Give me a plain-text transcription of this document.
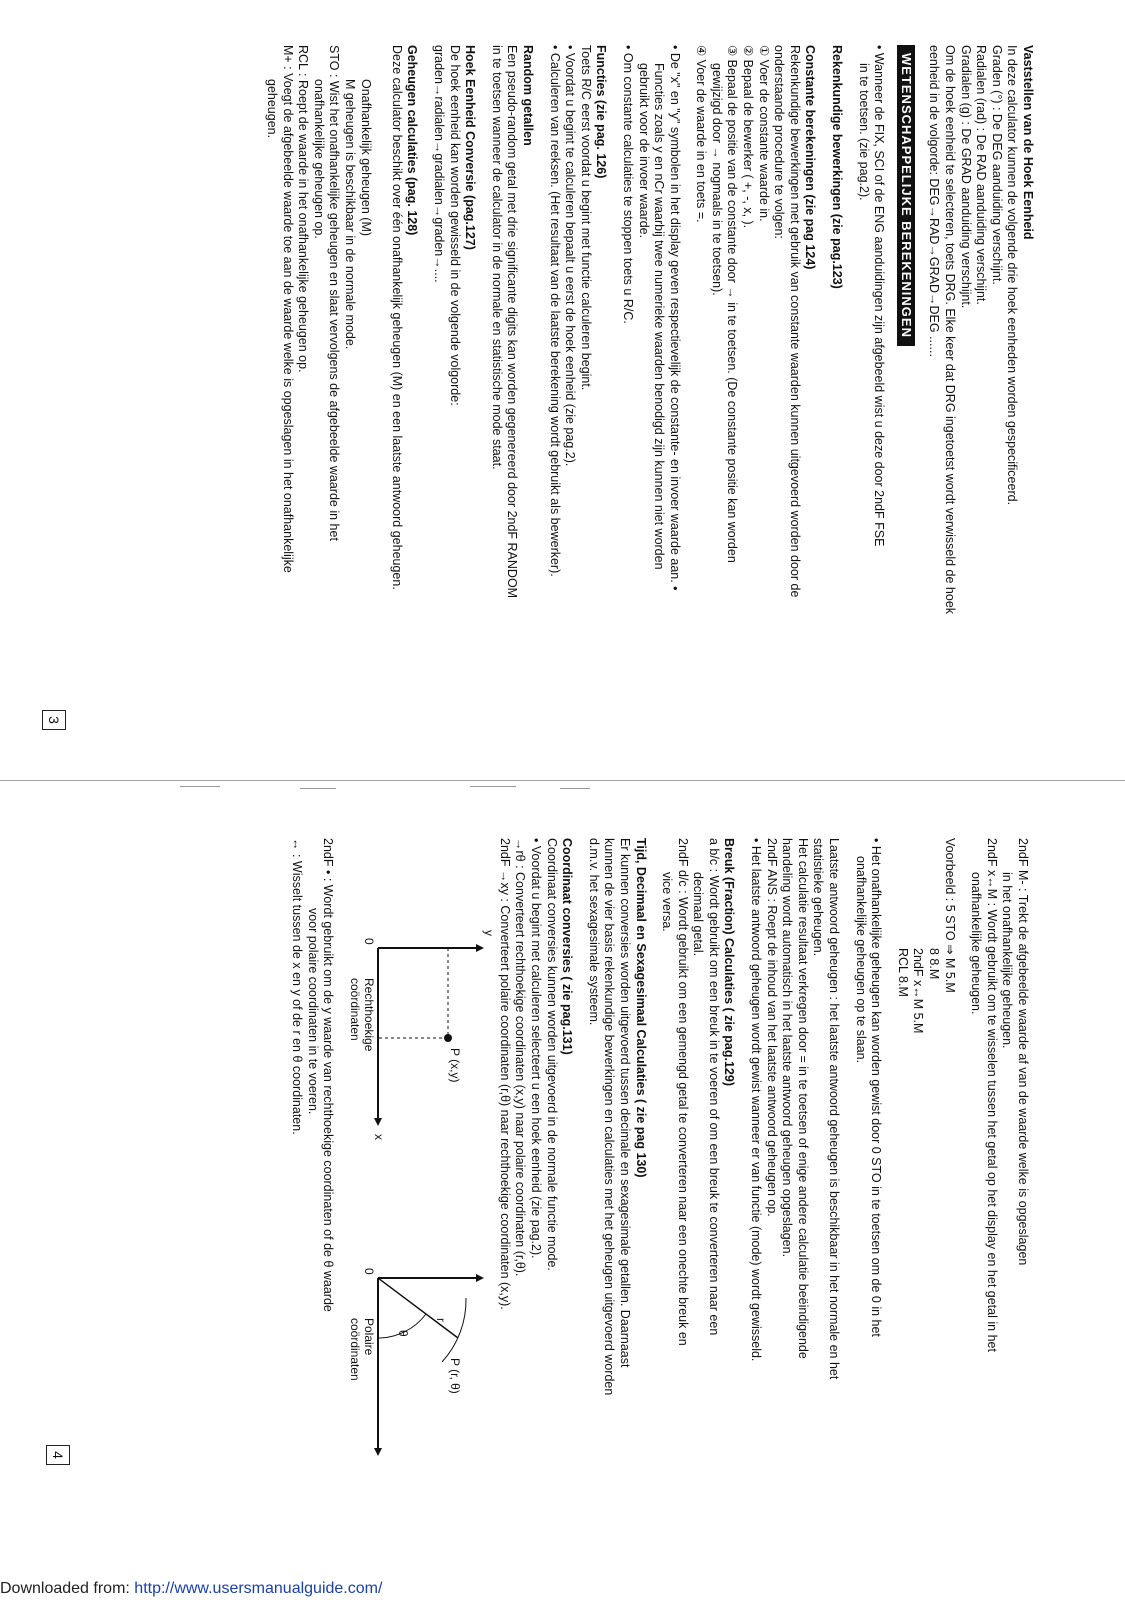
Vaststellen van de Hoek Eenheid

In deze calculator kunnen de volgende drie hoek eenheden worden gespecificeerd.

Graden (°) : De DEG aanduiding verschijnt.

Radialen (rad) : De RAD aanduiding verschijnt.

Gradialen (g) : De GRAD aanduiding verschijnt.

Om de hoek eenheid te selecteren, toets DRG. Elke keer dat DRG ingetoetst wordt verwisseld de hoek

eenheid in de volgorde: DEG→RAD→GRAD→DEG ......

WETENSCHAPPELIJKE BEREKENINGEN

• Wanneer de FIX, SCI of de ENG aanduidingen zijn afgebeeld wist u deze door 2ndF FSE

in te toetsen. (zie pag.2).

Rekenkundige bewerkingen (zie pag.123)

Constante berekeningen (zie pag 124)

Rekenkundige bewerkingen met gebruik van constante waarden kunnen uitgevoerd worden door de

onderstaande procedure te volgen:

① Voer de constante waarde in.

② Bepaal de bewerker ( +, -, x, ).

③ Bepaal de positie van de constante door → in te toetsen. (De constante positie kan worden

gewijzigd door → nogmaals in te toetsen).

④ Voer de waarde in en toets =.

• De "x" en "y" symbolen in het display geven respectievelijk de constante- en invoer waarde aan. •

Functies zoals y en nCr waarbij twee numerieke waarden benodigd zijn kunnen niet worden

gebruikt voor de invoer waarde.

• Om constante calculaties te stoppen toets u R/C.

Functies (zie pag. 126)

Toets R/C eerst voordat u begint met functie calculeren begint.

• Voordat u begint te calculeren bepaalt u eerst de hoek eenheid (zie pag.2).

• Calculeren van reeksen. (Het resultaat van de laatste berekening wordt gebruikt als bewerker).

Random getallen

Een pseudo-random getal met drie significante digits kan worden gegenereerd door 2ndF RANDOM

in te toetsen wanneer de calculator in de normale en statistische mode staat.

Hoek Eenheid Conversie (pag.127)

De hoek eenheid kan worden gewisseld in de volgende volgorde:

graden→radialen→gradialen→graden→....

Geheugen calculaties (pag. 128)

Deze calculator beschikt over één onafhankelijk geheugen (M) en een laatste antwoord geheugen.

Onafhankelijk geheugen (M)

M geheugen is beschikbaar in de normale mode.

STO : Wist het onafhankelijke geheugen en slaat vervolgens de afgebeelde waarde in het

onafhankelijke geheugen op.

RCL : Roept de waarde in het onafhankelijke geheugen op.

M+ : Voegt de afgebeelde waarde toe aan de waarde welke is opgeslagen in het onafhankelijke

geheugen.

3

2ndF M- : Trekt de afgebeelde waarde af van de waarde welke is opgeslagen

in het onafhankelijke geheugen.

2ndF x↔M : Wordt gebruikt om te wisselen tussen het getal op het display en het getal in het

onafhankelijke geheugen.

Voorbeeld : 5 STO ⇒ M 5.M

8 8.M

2ndF x↔M 5.M

RCL 8.M

• Het onafhankelijke geheugen kan worden gewist door 0 STO in te toetsen om de 0 in het

onafhankelijke geheugen op te slaan.

Laatste antwoord geheugen : het laatste antwoord geheugen is beschikbaar in het normale en het

statistieke geheugen.

Het calculatie resultaat verkregen door = in te toetsen of enige andere calculatie beëindigende

handeling wordt automatisch in het laatste antwoord geheugen opgeslagen.

2ndF ANS : Roept de inhoud van het laatste antwoord geheugen op.

• Het laatste antwoord geheugen wordt gewist wanneer er van functie (mode) wordt gewisseld.

Breuk (Fraction) Calculaties ( zie pag.129)

a b/c : Wordt gebruikt om een breuk in te voeren of om een breuk te converteren naar een

decimaal getal.

2ndF d/c : Wordt gebruikt om een gemengd getal te converteren naar een onechte breuk en

vice versa.

Tijd, Decimaal en Sexagesimaal Calculaties ( zie pag 130)

Er kunnen conversies worden uitgevoerd tussen decimale en sexagesimale getallen. Daarnaast

kunnen de vier basis rekenkundige bewerkingen en calculaties met het geheugen uitgevoerd worden

d.m.v. het sexagesimale systeem.

Coordinaat conversies ( zie pag.131)

Coordinaat conversies kunnen worden uitgevoerd in de normale functie mode.

• Voordat u begint met calculeren selecteert u een hoek eenheid (zie pag.2).

→rθ : Converteert rechthoekige coordinaten (x,y) naar polaire coordinaten (r,θ).

2ndF →xy : Converteert polaire coordinaten (r,θ) naar rechthoekige coordinaten (x,y).

P (x,y)
y
x
0
Rechthoekige
coördinaten
P (r, θ)
θ
r
0
Polaire
coördinaten

2ndF • : Wordt gebruikt om de y waarde van rechthoekige coordinaten of de θ waarde

voor polaire coordinaten in te voeren.

↔ : Wisselt tussen de x en y of de r en θ coordinaten.

4
Downloaded from: http://www.usersmanualguide.com/
